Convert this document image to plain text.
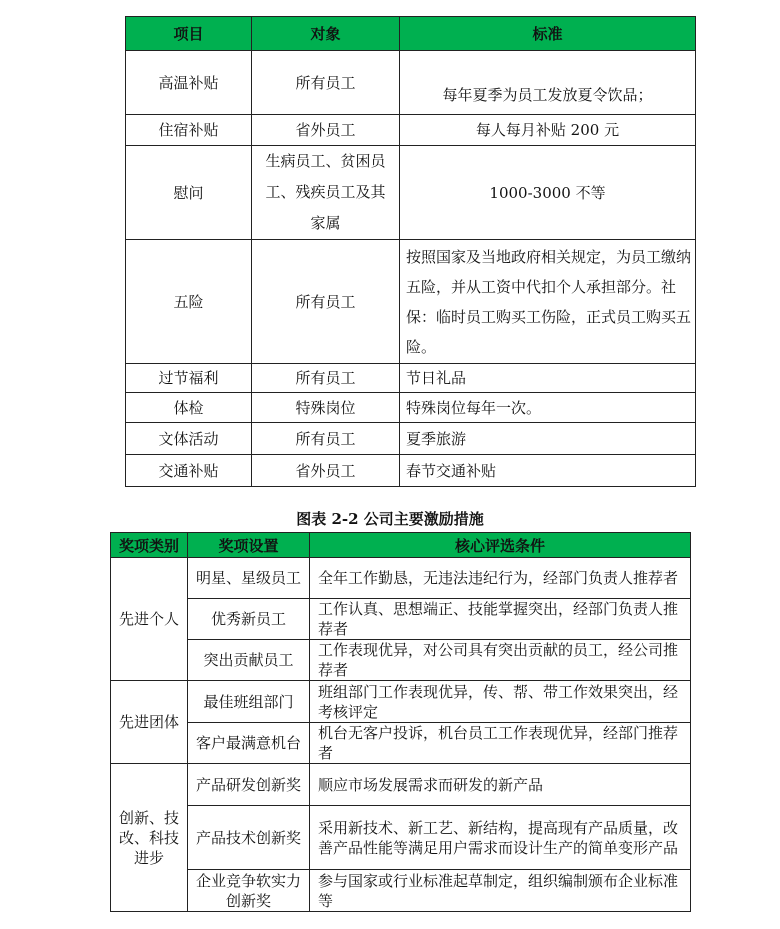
项目	对象	标准
高温补贴	所有员工	每年夏季为员工发放夏令饮品；
住宿补贴	省外员工	每人每月补贴 200 元
慰问	生病员工、贫困员工、残疾员工及其家属	1000-3000 不等
五险	所有员工	按照国家及当地政府相关规定，为员工缴纳五险，并从工资中代扣个人承担部分。社保：临时员工购买工伤险，正式员工购买五险。
过节福利	所有员工	节日礼品
体检	特殊岗位	特殊岗位每年一次。
文体活动	所有员工	夏季旅游
交通补贴	省外员工	春节交通补贴
图表 2-2 公司主要激励措施
奖项类别	奖项设置	核心评选条件
先进个人	明星、星级员工	全年工作勤恳，无违法违纪行为，经部门负责人推荐者
	优秀新员工	工作认真、思想端正、技能掌握突出，经部门负责人推荐者
	突出贡献员工	工作表现优异，对公司具有突出贡献的员工，经公司推荐者
先进团体	最佳班组部门	班组部门工作表现优异，传、帮、带工作效果突出，经考核评定
	客户最满意机台	机台无客户投诉，机台员工工作表现优异，经部门推荐者
创新、技改、科技进步	产品研发创新奖	顺应市场发展需求而研发的新产品
	产品技术创新奖	采用新技术、新工艺、新结构，提高现有产品质量，改善产品性能等满足用户需求而设计生产的简单变形产品
	企业竞争软实力创新奖	参与国家或行业标准起草制定，组织编制颁布企业标准等
